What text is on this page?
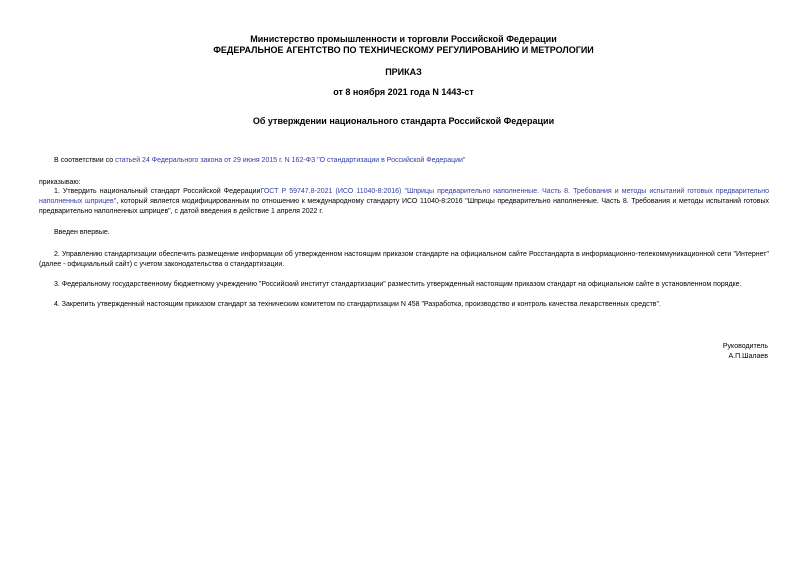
Министерство промышленности и торговли Российской Федерации
ФЕДЕРАЛЬНОЕ АГЕНТСТВО ПО ТЕХНИЧЕСКОМУ РЕГУЛИРОВАНИЮ И МЕТРОЛОГИИ
ПРИКАЗ
от 8 ноября 2021 года N 1443-ст
Об утверждении национального стандарта Российской Федерации
В соответствии со статьей 24 Федерального закона от 29 июня 2015 г. N 162-ФЗ "О стандартизации в Российской Федерации"
приказываю:
1. Утвердить национальный стандарт Российской ФедерацииГОСТ Р 59747.8-2021 (ИСО 11040-8:2016) "Шприцы предварительно наполненные. Часть 8. Требования и методы испытаний готовых предварительно наполненных шприцев", который является модифицированным по отношению к международному стандарту ИСО 11040-8:2016 "Шприцы предварительно наполненные. Часть 8. Требования и методы испытаний готовых предварительно наполненных шприцев", с датой введения в действие 1 апреля 2022 г.
Введен впервые.
2. Управлению стандартизации обеспечить размещение информации об утвержденном настоящим приказом стандарте на официальном сайте Росстандарта в информационно-телекоммуникационной сети "Интернет" (далее - официальный сайт) с учетом законодательства о стандартизации.
3. Федеральному государственному бюджетному учреждению "Российский институт стандартизации" разместить утвержденный настоящим приказом стандарт на официальном сайте в установленном порядке.
4. Закрепить утвержденный настоящим приказом стандарт за техническим комитетом по стандартизации N 458 "Разработка, производство и контроль качества лекарственных средств".
Руководитель
А.П.Шалаев
